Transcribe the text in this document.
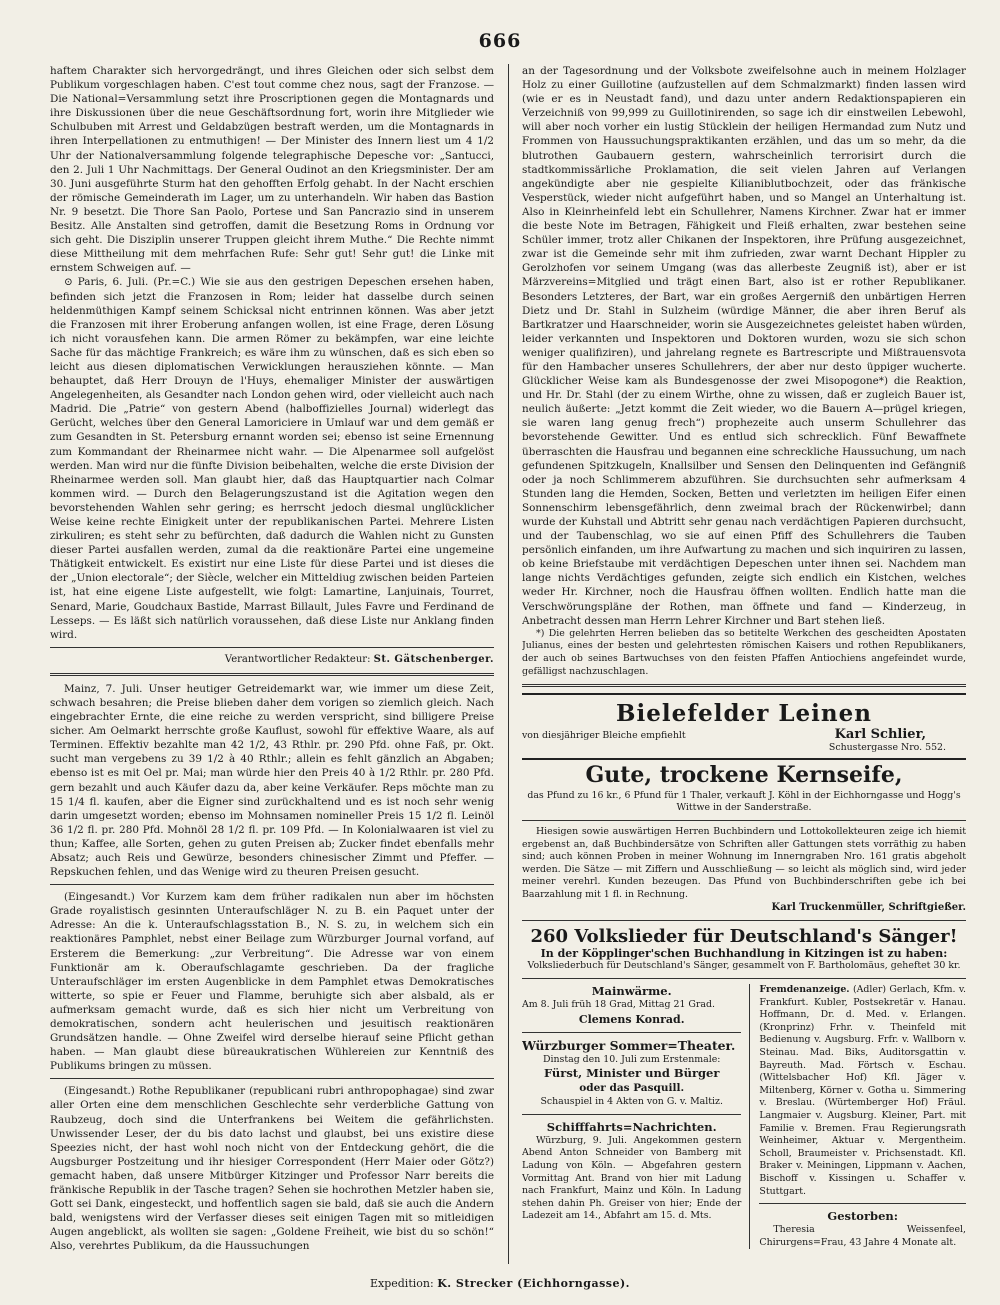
666

haftem Charakter sich hervorgedrängt, und ihres Gleichen oder sich selbst dem Publikum vorgeschlagen haben. C'est tout comme chez nous, sagt der Franzose. — Die National=Versammlung setzt ihre Proscriptionen gegen die Montagnards und ihre Diskussionen über die neue Geschäftsordnung fort, worin ihre Mitglieder wie Schulbuben mit Arrest und Geldabzügen bestraft werden, um die Montagnards in ihren Interpellationen zu entmuthigen! — Der Minister des Innern liest um 4 1/2 Uhr der Nationalversammlung folgende telegraphische Depesche vor: „Santucci, den 2. Juli 1 Uhr Nachmittags. Der General Oudinot an den Kriegsminister. Der am 30. Juni ausgeführte Sturm hat den gehofften Erfolg gehabt. In der Nacht erschien der römische Gemeinderath im Lager, um zu unterhandeln. Wir haben das Bastion Nr. 9 besetzt. Die Thore San Paolo, Portese und San Pancrazio sind in unserem Besitz. Alle Anstalten sind getroffen, damit die Besetzung Roms in Ordnung vor sich geht. Die Disziplin unserer Truppen gleicht ihrem Muthe.“ Die Rechte nimmt diese Mittheilung mit dem mehrfachen Rufe: Sehr gut! Sehr gut! die Linke mit ernstem Schweigen auf. —

⊙ Paris, 6. Juli. (Pr.=C.) Wie sie aus den gestrigen Depeschen ersehen haben, befinden sich jetzt die Franzosen in Rom; leider hat dasselbe durch seinen heldenmüthigen Kampf seinem Schicksal nicht entrinnen können. Was aber jetzt die Franzosen mit ihrer Eroberung anfangen wollen, ist eine Frage, deren Lösung ich nicht vorausfehen kann. Die armen Römer zu bekämpfen, war eine leichte Sache für das mächtige Frankreich; es wäre ihm zu wünschen, daß es sich eben so leicht aus diesen diplomatischen Verwicklungen herausziehen könnte. — Man behauptet, daß Herr Drouyn de l'Huys, ehemaliger Minister der auswärtigen Angelegenheiten, als Gesandter nach London gehen wird, oder vielleicht auch nach Madrid. Die „Patrie“ von gestern Abend (halboffizielles Journal) widerlegt das Gerücht, welches über den General Lamoriciere in Umlauf war und dem gemäß er zum Gesandten in St. Petersburg ernannt worden sei; ebenso ist seine Ernennung zum Kommandant der Rheinarmee nicht wahr. — Die Alpenarmee soll aufgelöst werden. Man wird nur die fünfte Division beibehalten, welche die erste Division der Rheinarmee werden soll. Man glaubt hier, daß das Hauptquartier nach Colmar kommen wird. — Durch den Belagerungszustand ist die Agitation wegen den bevorstehenden Wahlen sehr gering; es herrscht jedoch diesmal unglücklicher Weise keine rechte Einigkeit unter der republikanischen Partei. Mehrere Listen zirkuliren; es steht sehr zu befürchten, daß dadurch die Wahlen nicht zu Gunsten dieser Partei ausfallen werden, zumal da die reaktionäre Partei eine ungemeine Thätigkeit entwickelt. Es existirt nur eine Liste für diese Partei und ist dieses die der „Union electorale“; der Siècle, welcher ein Mitteldiug zwischen beiden Parteien ist, hat eine eigene Liste aufgestellt, wie folgt: Lamartine, Lanjuinais, Tourret, Senard, Marie, Goudchaux Bastide, Marrast Billault, Jules Favre und Ferdinand de Lesseps. — Es läßt sich natürlich voraussehen, daß diese Liste nur Anklang finden wird.

Verantwortlicher Redakteur: St. Gätschenberger.

Mainz, 7. Juli. Unser heutiger Getreidemarkt war, wie immer um diese Zeit, schwach besahren; die Preise blieben daher dem vorigen so ziemlich gleich. Nach eingebrachter Ernte, die eine reiche zu werden verspricht, sind billigere Preise sicher. Am Oelmarkt herrschte große Kauflust, sowohl für effektive Waare, als auf Terminen. Effektiv bezahlte man 42 1/2, 43 Rthlr. pr. 290 Pfd. ohne Faß, pr. Okt. sucht man vergebens zu 39 1/2 à 40 Rthlr.; allein es fehlt gänzlich an Abgaben; ebenso ist es mit Oel pr. Mai; man würde hier den Preis 40 à 1/2 Rthlr. pr. 280 Pfd. gern bezahlt und auch Käufer dazu da, aber keine Verkäufer. Reps möchte man zu 15 1/4 fl. kaufen, aber die Eigner sind zurückhaltend und es ist noch sehr wenig darin umgesetzt worden; ebenso im Mohnsamen nomineller Preis 15 1/2 fl. Leinöl 36 1/2 fl. pr. 280 Pfd. Mohnöl 28 1/2 fl. pr. 109 Pfd. — In Kolonialwaaren ist viel zu thun; Kaffee, alle Sorten, gehen zu guten Preisen ab; Zucker findet ebenfalls mehr Absatz; auch Reis und Gewürze, besonders chinesischer Zimmt und Pfeffer. — Repskuchen fehlen, und das Wenige wird zu theuren Preisen gesucht.

(Eingesandt.) Vor Kurzem kam dem früher radikalen nun aber im höchsten Grade royalistisch gesinnten Unteraufschläger N. zu B. ein Paquet unter der Adresse: An die k. Unteraufschlagsstation B., N. S. zu, in welchem sich ein reaktionäres Pamphlet, nebst einer Beilage zum Würzburger Journal vorfand, auf Ersterem die Bemerkung: „zur Verbreitung“. Die Adresse war von einem Funktionär am k. Oberaufschlagamte geschrieben. Da der fragliche Unteraufschläger im ersten Augenblicke in dem Pamphlet etwas Demokratisches witterte, so spie er Feuer und Flamme, beruhigte sich aber alsbald, als er aufmerksam gemacht wurde, daß es sich hier nicht um Verbreitung von demokratischen, sondern acht heulerischen und jesuitisch reaktionären Grundsätzen handle. — Ohne Zweifel wird derselbe hierauf seine Pflicht gethan haben. — Man glaubt diese büreaukratischen Wühlereien zur Kenntniß des Publikums bringen zu müssen.

(Eingesandt.) Rothe Republikaner (republicani rubri anthropophagae) sind zwar aller Orten eine dem menschlichen Geschlechte sehr verderbliche Gattung von Raubzeug, doch sind die Unterfrankens bei Weitem die gefährlichsten. Unwissender Leser, der du bis dato lachst und glaubst, bei uns existire diese Speezies nicht, der hast wohl noch nicht von der Entdeckung gehört, die die Augsburger Postzeitung und ihr hiesiger Correspondent (Herr Maier oder Götz?) gemacht haben, daß unsere Mitbürger Kitzinger und Professor Narr bereits die fränkische Republik in der Tasche tragen? Sehen sie hochrothen Metzler haben sie, Gott sei Dank, eingesteckt, und hoffentlich sagen sie bald, daß sie auch die Andern bald, wenigstens wird der Verfasser dieses seit einigen Tagen mit so mitleidigen Augen angeblickt, als wollten sie sagen: „Goldene Freiheit, wie bist du so schön!“ Also, verehrtes Publikum, da die Haussuchungen

an der Tagesordnung und der Volksbote zweifelsohne auch in meinem Holzlager Holz zu einer Guillotine (aufzustellen auf dem Schmalzmarkt) finden lassen wird (wie er es in Neustadt fand), und dazu unter andern Redaktionspapieren ein Verzeichniß von 99,999 zu Guillotinirenden, so sage ich dir einstweilen Lebewohl, will aber noch vorher ein lustig Stücklein der heiligen Hermandad zum Nutz und Frommen von Haussuchungspraktikanten erzählen, und das um so mehr, da die blutrothen Gaubauern gestern, wahrscheinlich terrorisirt durch die stadtkommissärliche Proklamation, die seit vielen Jahren auf Verlangen angekündigte aber nie gespielte Kilianiblutbochzeit, oder das fränkische Vesperstück, wieder nicht aufgeführt haben, und so Mangel an Unterhaltung ist. Also in Kleinrheinfeld lebt ein Schullehrer, Namens Kirchner. Zwar hat er immer die beste Note im Betragen, Fähigkeit und Fleiß erhalten, zwar bestehen seine Schüler immer, trotz aller Chikanen der Inspektoren, ihre Prüfung ausgezeichnet, zwar ist die Gemeinde sehr mit ihm zufrieden, zwar warnt Dechant Hippler zu Gerolzhofen vor seinem Umgang (was das allerbeste Zeugniß ist), aber er ist Märzvereins=Mitglied und trägt einen Bart, also ist er rother Republikaner. Besonders Letzteres, der Bart, war ein großes Aergerniß den unbärtigen Herren Dietz und Dr. Stahl in Sulzheim (würdige Männer, die aber ihren Beruf als Bartkratzer und Haarschneider, worin sie Ausgezeichnetes geleistet haben würden, leider verkannten und Inspektoren und Doktoren wurden, wozu sie sich schon weniger qualifiziren), und jahrelang regnete es Bartrescripte und Mißtrauensvota für den Hambacher unseres Schullehrers, der aber nur desto üppiger wucherte. Glücklicher Weise kam als Bundesgenosse der zwei Misopogone*) die Reaktion, und Hr. Dr. Stahl (der zu einem Wirthe, ohne zu wissen, daß er zugleich Bauer ist, neulich äußerte: „Jetzt kommt die Zeit wieder, wo die Bauern A—prügel kriegen, sie waren lang genug frech“) prophezeite auch unserm Schullehrer das bevorstehende Gewitter. Und es entlud sich schrecklich. Fünf Bewaffnete überraschten die Hausfrau und begannen eine schreckliche Haussuchung, um nach gefundenen Spitzkugeln, Knallsilber und Sensen den Delinquenten ind Gefängniß oder ja noch Schlimmerem abzuführen. Sie durchsuchten sehr aufmerksam 4 Stunden lang die Hemden, Socken, Betten und verletzten im heiligen Eifer einen Sonnenschirm lebensgefährlich, denn zweimal brach der Rückenwirbel; dann wurde der Kuhstall und Abtritt sehr genau nach verdächtigen Papieren durchsucht, und der Taubenschlag, wo sie auf einen Pfiff des Schullehrers die Tauben persönlich einfanden, um ihre Aufwartung zu machen und sich inquiriren zu lassen, ob keine Briefstaube mit verdächtigen Depeschen unter ihnen sei. Nachdem man lange nichts Verdächtiges gefunden, zeigte sich endlich ein Kistchen, welches weder Hr. Kirchner, noch die Hausfrau öffnen wollten. Endlich hatte man die Verschwörungspläne der Rothen, man öffnete und fand — Kinderzeug, in Anbetracht dessen man Herrn Lehrer Kirchner und Bart stehen ließ.

*) Die gelehrten Herren belieben das so betitelte Werkchen des gescheidten Apostaten Julianus, eines der besten und gelehrtesten römischen Kaisers und rothen Republikaners, der auch ob seines Bartwuchses von den feisten Pfaffen Antiochiens angefeindet wurde, gefälligst nachzuschlagen.

Bielefelder Leinen
von diesjähriger Bleiche empfiehlt	Karl Schlier,
Schustergasse Nro. 552.
Gute, trockene Kernseife,

das Pfund zu 16 kr., 6 Pfund für 1 Thaler, verkauft J. Köhl in der Eichhorngasse und Hogg's Wittwe in der Sanderstraße.

Hiesigen sowie auswärtigen Herren Buchbindern und Lottokollekteuren zeige ich hiemit ergebenst an, daß Buchbindersätze von Schriften aller Gattungen stets vorräthig zu haben sind; auch können Proben in meiner Wohnung im Innerngraben Nro. 161 gratis abgeholt werden. Die Sätze — mit Ziffern und Ausschließung — so leicht als möglich sind, wird jeder meiner verehrl. Kunden bezeugen. Das Pfund von Buchbinderschriften gebe ich bei Baarzahlung mit 1 fl. in Rechnung.

Karl Truckenmüller, Schriftgießer.
260 Volkslieder für Deutschland's Sänger!
In der Köpplinger'schen Buchhandlung in Kitzingen ist zu haben:

Volksliederbuch für Deutschland's Sänger, gesammelt von F. Bartholomäus, geheftet 30 kr.

Mainwärme.

Am 8. Juli früh 18 Grad, Mittag 21 Grad.

Clemens Konrad.
Würzburger Sommer=Theater.
Dinstag den 10. Juli zum Erstenmale:
Fürst, Minister und Bürger
oder das Pasquill.
Schauspiel in 4 Akten von G. v. Maltiz.
Schifffahrts=Nachrichten.

Würzburg, 9. Juli. Angekommen gestern Abend Anton Schneider von Bamberg mit Ladung von Köln. — Abgefahren gestern Vormittag Ant. Brand von hier mit Ladung nach Frankfurt, Mainz und Köln. In Ladung stehen dahin Ph. Greiser von hier; Ende der Ladezeit am 14., Abfahrt am 15. d. Mts.

Fremdenanzeige. (Adler) Gerlach, Kfm. v. Frankfurt. Kubler, Postsekretär v. Hanau. Hoffmann, Dr. d. Med. v. Erlangen. (Kronprinz) Frhr. v. Theinfeld mit Bedienung v. Augsburg. Frfr. v. Wallborn v. Steinau. Mad. Biks, Auditorsgattin v. Bayreuth. Mad. Förtsch v. Eschau. (Wittelsbacher Hof) Kfl. Jäger v. Miltenberg, Körner v. Gotha u. Simmering v. Breslau. (Würtemberger Hof) Fräul. Langmaier v. Augsburg. Kleiner, Part. mit Familie v. Bremen. Frau Regierungsrath Weinheimer, Aktuar v. Mergentheim. Scholl, Braumeister v. Prichsenstadt. Kfl. Braker v. Meiningen, Lippmann v. Aachen, Bischoff v. Kissingen u. Schaffer v. Stuttgart.

Gestorben:

Theresia Weissenfeel, Chirurgens=Frau, 43 Jahre 4 Monate alt.

Expedition: K. Strecker (Eichhorngasse).
